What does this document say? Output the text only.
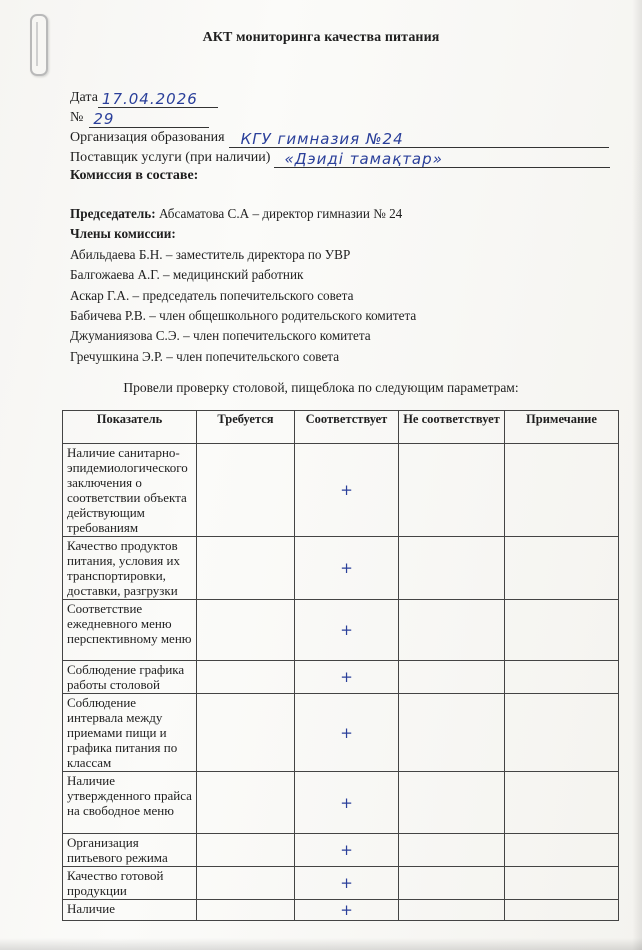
АКТ мониторинга качества питания
Дата 17.04.2026
№ 29
Организация образования КГУ гимназия №24
Поставщик услуги (при наличии) «Дэиді тамақтар»
Комиссия в составе:
Председатель: Абсаматова С.А – директор гимназии № 24
Члены комиссии:
Абильдаева Б.Н. – заместитель директора по УВР
Балгожаева А.Г. – медицинский работник
Аскар Г.А. – председатель попечительского совета
Бабичева Р.В. – член общешкольного родительского комитета
Джуманиязова С.Э. – член попечительского комитета
Гречушкина Э.Р. – член попечительского совета
Провели проверку столовой, пищеблока по следующим параметрам:
Показатель	Требуется	Соответствует	Не соответствует	Примечание
Наличие санитарно-эпидемиологического заключения о соответствии объекта действующим требованиям		+		
Качество продуктов питания, условия их транспортировки, доставки, разгрузки		+		
Соответствие ежедневного меню перспективному меню		+		
Соблюдение графика работы столовой		+		
Соблюдение интервала между приемами пищи и графика питания по классам		+		
Наличие утвержденного прайса на свободное меню		+		
Организация питьевого режима		+		
Качество готовой продукции		+		
Наличие		+		
